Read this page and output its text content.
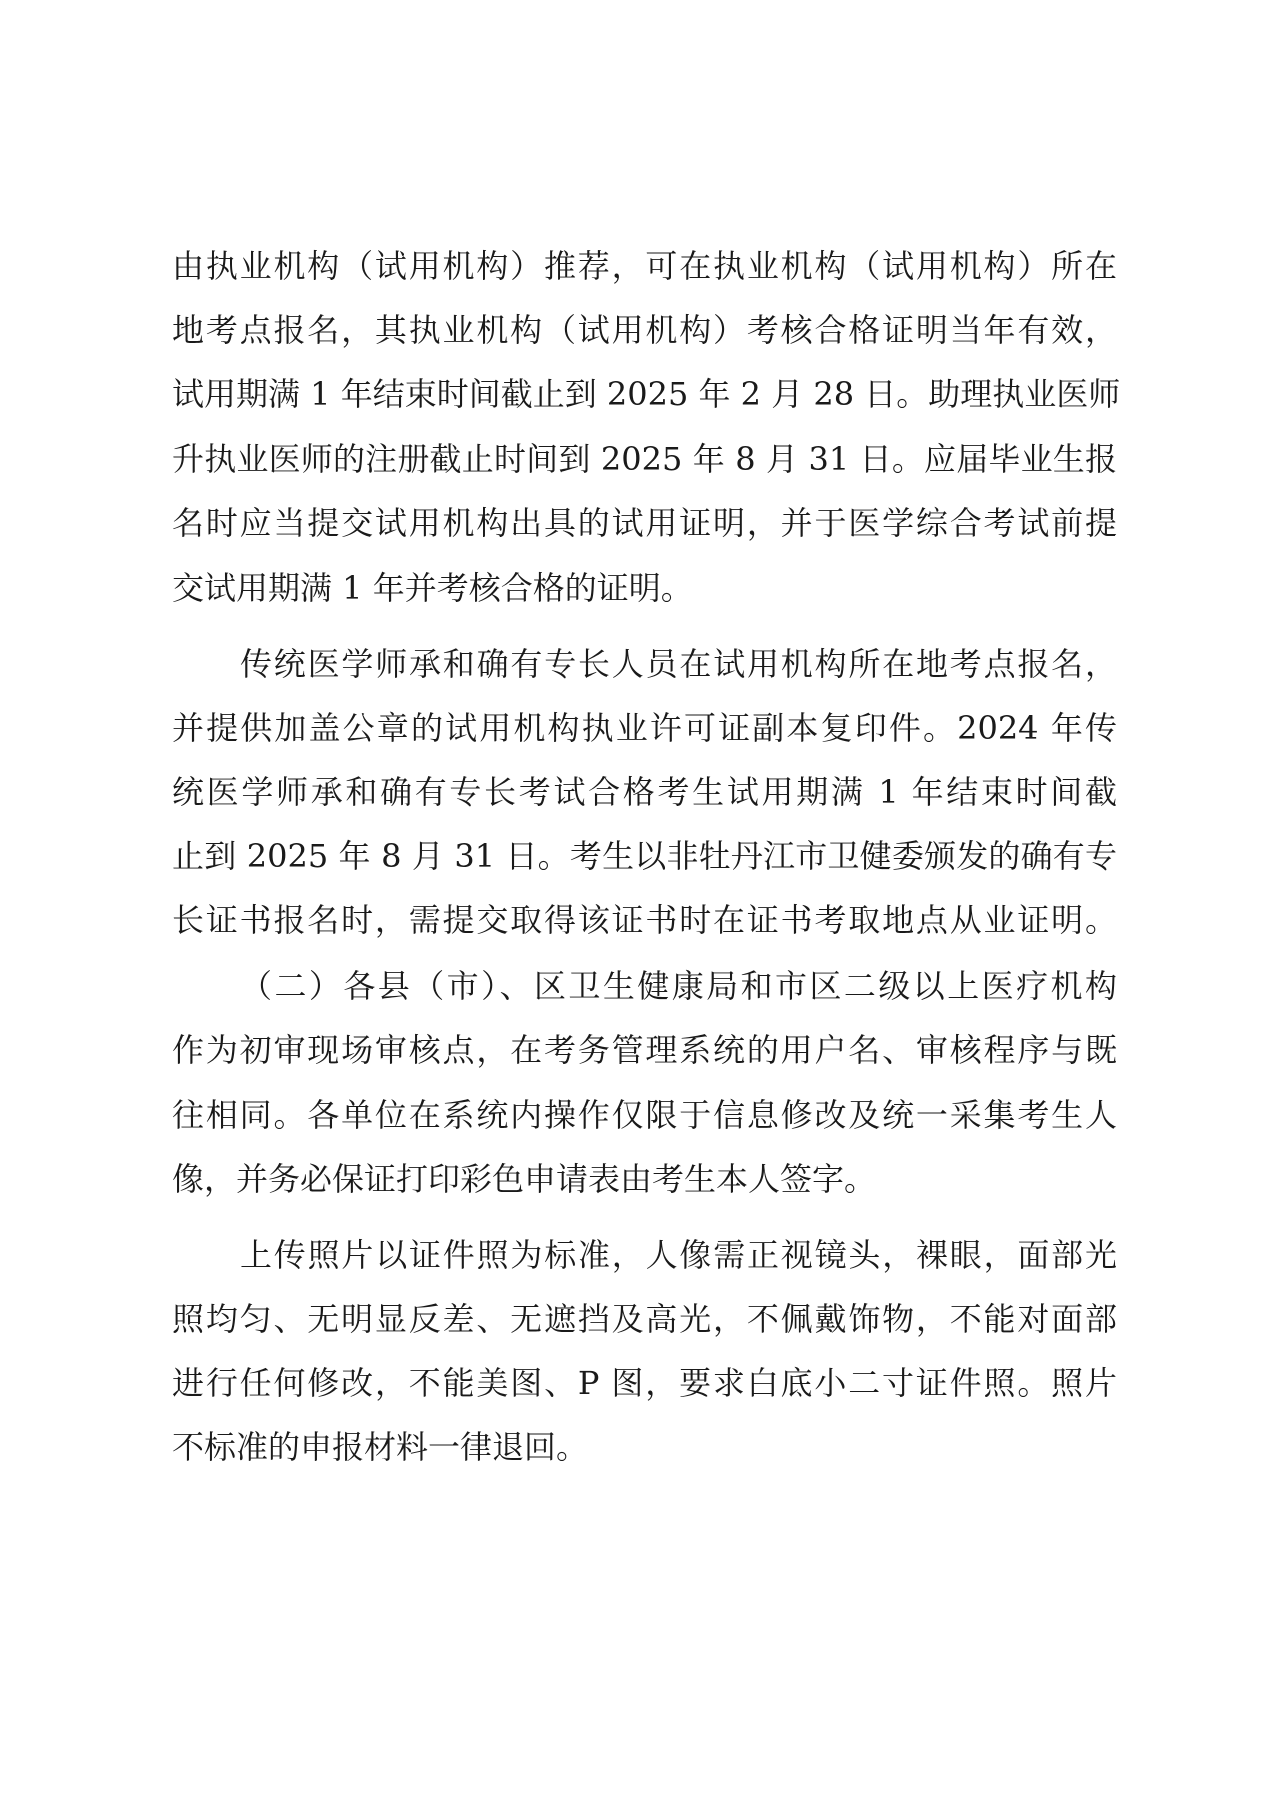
由执业机构（试用机构）推荐，可在执业机构（试用机构）所在
地考点报名，其执业机构（试用机构）考核合格证明当年有效，
试用期满 1 年结束时间截止到 2025 年 2 月 28 日。助理执业医师
升执业医师的注册截止时间到 2025 年 8 月 31 日。应届毕业生报
名时应当提交试用机构出具的试用证明，并于医学综合考试前提
交试用期满 1 年并考核合格的证明。
传统医学师承和确有专长人员在试用机构所在地考点报名，
并提供加盖公章的试用机构执业许可证副本复印件。2024 年传
统医学师承和确有专长考试合格考生试用期满 1 年结束时间截
止到 2025 年 8 月 31 日。考生以非牡丹江市卫健委颁发的确有专
长证书报名时，需提交取得该证书时在证书考取地点从业证明。
（二）各县（市）、区卫生健康局和市区二级以上医疗机构
作为初审现场审核点，在考务管理系统的用户名、审核程序与既
往相同。各单位在系统内操作仅限于信息修改及统一采集考生人
像，并务必保证打印彩色申请表由考生本人签字。
上传照片以证件照为标准，人像需正视镜头，裸眼，面部光
照均匀、无明显反差、无遮挡及高光，不佩戴饰物，不能对面部
进行任何修改，不能美图、P 图，要求白底小二寸证件照。照片
不标准的申报材料一律退回。
